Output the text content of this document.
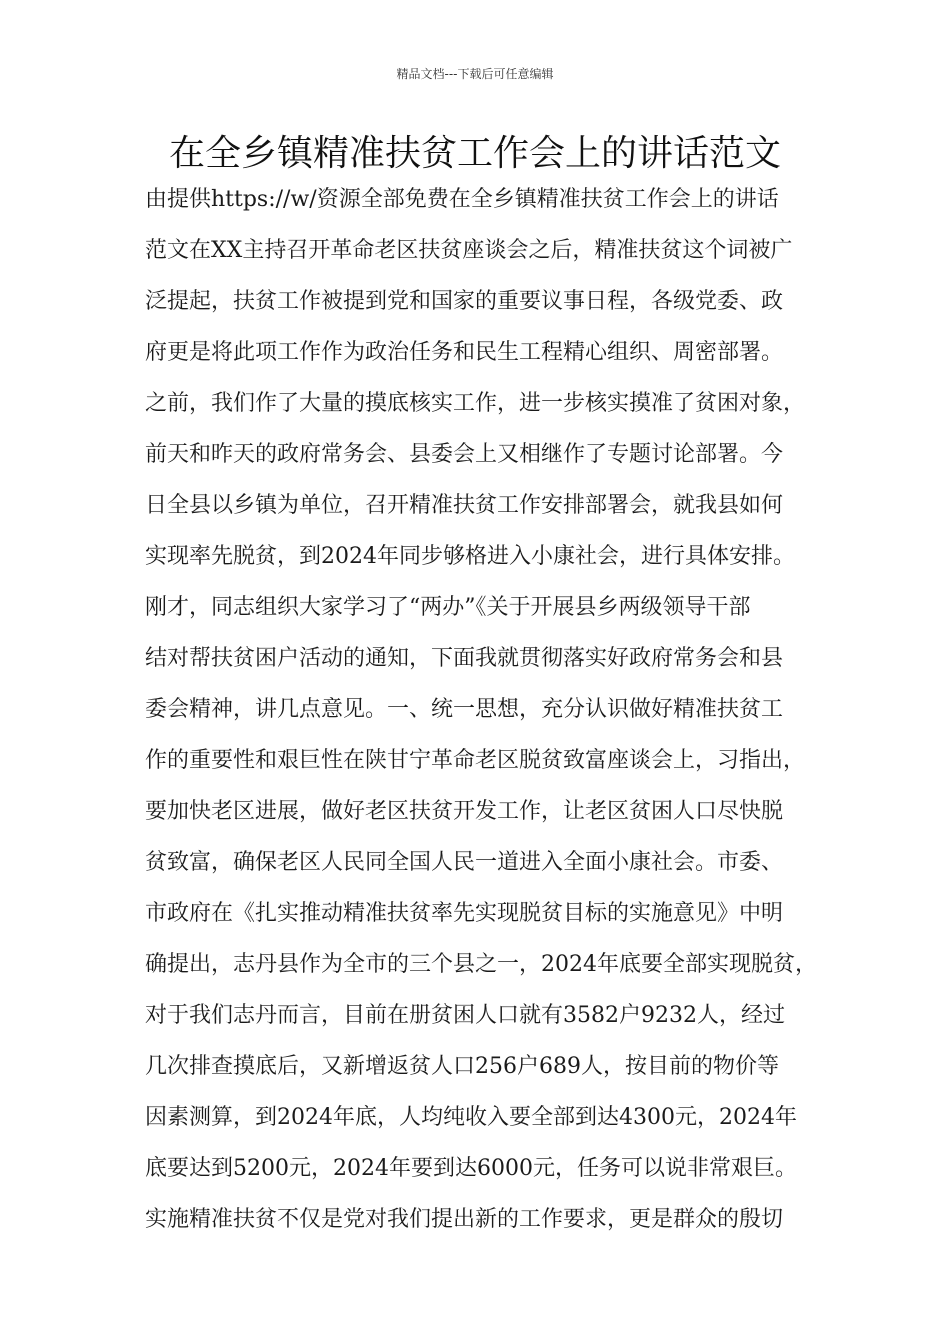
精品文档---下载后可任意编辑
在全乡镇精准扶贫工作会上的讲话范文
由提供https://w/资源全部免费在全乡镇精准扶贫工作会上的讲话
范文在XX主持召开革命老区扶贫座谈会之后，精准扶贫这个词被广
泛提起，扶贫工作被提到党和国家的重要议事日程，各级党委、政
府更是将此项工作作为政治任务和民生工程精心组织、周密部署。
之前，我们作了大量的摸底核实工作，进一步核实摸准了贫困对象，
前天和昨天的政府常务会、县委会上又相继作了专题讨论部署。今
日全县以乡镇为单位，召开精准扶贫工作安排部署会，就我县如何
实现率先脱贫，到2024年同步够格进入小康社会，进行具体安排。
刚才，同志组织大家学习了“两办”《关于开展县乡两级领导干部
结对帮扶贫困户活动的通知，下面我就贯彻落实好政府常务会和县
委会精神，讲几点意见。一、统一思想，充分认识做好精准扶贫工
作的重要性和艰巨性在陕甘宁革命老区脱贫致富座谈会上，习指出，
要加快老区进展，做好老区扶贫开发工作，让老区贫困人口尽快脱
贫致富，确保老区人民同全国人民一道进入全面小康社会。市委、
市政府在《扎实推动精准扶贫率先实现脱贫目标的实施意见》中明
确提出，志丹县作为全市的三个县之一，2024年底要全部实现脱贫，
对于我们志丹而言，目前在册贫困人口就有3582户9232人，经过
几次排查摸底后，又新增返贫人口256户689人，按目前的物价等
因素测算，到2024年底，人均纯收入要全部到达4300元，2024年
底要达到5200元，2024年要到达6000元，任务可以说非常艰巨。
实施精准扶贫不仅是党对我们提出新的工作要求，更是群众的殷切
